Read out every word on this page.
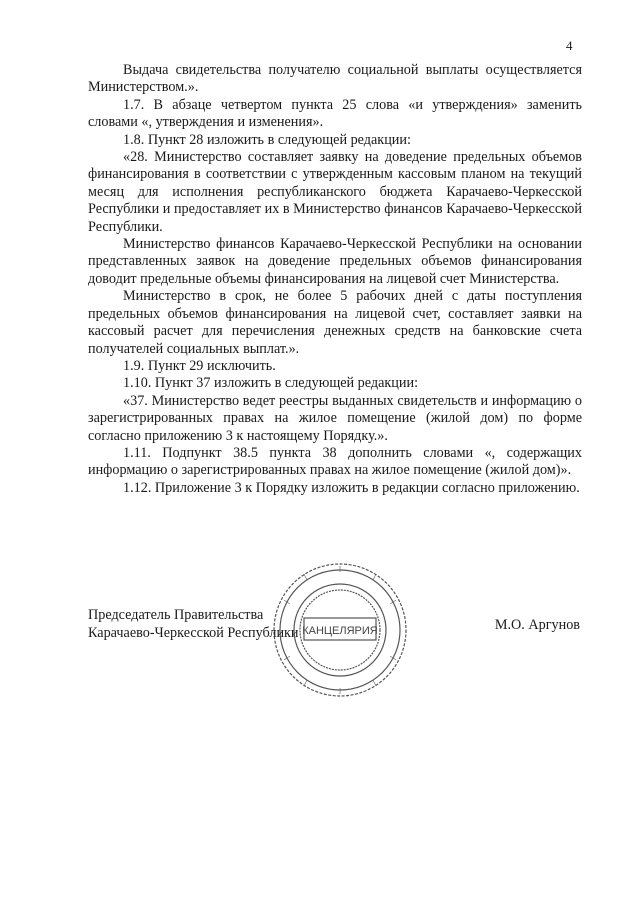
4

Выдача свидетельства получателю социальной выплаты осуществляется Министерством.».

1.7. В абзаце четвертом пункта 25 слова «и утверждения» заменить словами «, утверждения и изменения».

1.8. Пункт 28 изложить в следующей редакции:

«28. Министерство составляет заявку на доведение предельных объемов финансирования в соответствии с утвержденным кассовым планом на текущий месяц для исполнения республиканского бюджета Карачаево-Черкесской Республики и предоставляет их в Министерство финансов Карачаево-Черкесской Республики.

Министерство финансов Карачаево-Черкесской Республики на основании представленных заявок на доведение предельных объемов финансирования доводит предельные объемы финансирования на лицевой счет Министерства.

Министерство в срок, не более 5 рабочих дней с даты поступления предельных объемов финансирования на лицевой счет, составляет заявки на кассовый расчет для перечисления денежных средств на банковские счета получателей социальных выплат.».

1.9. Пункт 29 исключить.

1.10. Пункт 37 изложить в следующей редакции:

«37. Министерство ведет реестры выданных свидетельств и информацию о зарегистрированных правах на жилое помещение (жилой дом) по форме согласно приложению 3 к настоящему Порядку.».

1.11. Подпункт 38.5 пункта 38 дополнить словами «, содержащих информацию о зарегистрированных правах на жилое помещение (жилой дом)».

1.12. Приложение 3 к Порядку изложить в редакции согласно приложению.

КАНЦЕЛЯРИЯ
Председатель Правительства
Карачаево-Черкесской Республики	М.О. Аргунов
